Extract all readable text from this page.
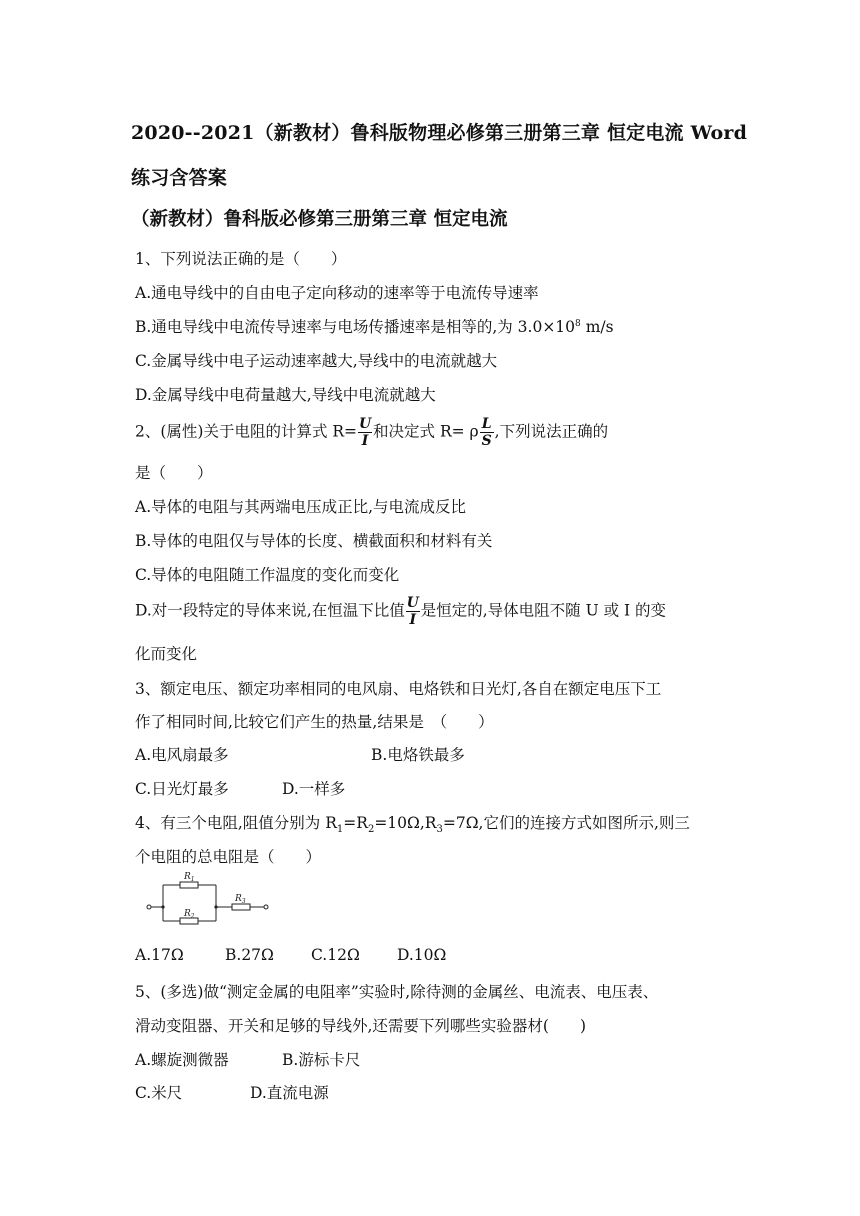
2020--2021（新教材）鲁科版物理必修第三册第三章 恒定电流 Word
练习含答案
（新教材）鲁科版必修第三册第三章 恒定电流
1、下列说法正确的是（　　）
A.通电导线中的自由电子定向移动的速率等于电流传导速率
B.通电导线中电流传导速率与电场传播速率是相等的,为 $3.0\times 10^8$ m/s
C.金属导线中电子运动速率越大,导线中的电流就越大
D.金属导线中电荷量越大,导线中电流就越大
2、(属性)关于电阻的计算式 $R= \frac{U}{I}$ 和决定式 R= ρ $\frac{L}{S}$ ,下列说法正确的
是（　　）
A.导体的电阻与其两端电压成正比,与电流成反比
B.导体的电阻仅与导体的长度、横截面积和材料有关
C.导体的电阻随工作温度的变化而变化
D.对一段特定的导体来说,在恒温下比值 $\frac{U}{I}$ 是恒定的,导体电阻不随 U 或 I 的变
化而变化
3、额定电压、额定功率相同的电风扇、电烙铁和日光灯,各自在额定电压下工
作了相同时间,比较它们产生的热量,结果是　（　　）
A.电风扇最多	B.电烙铁最多
C.日光灯最多	D.一样多
4、有三个电阻,阻值分别为 $R_1=R_2=10\Omega,R_3=7\Omega$,它们的连接方式如图所示,则三
个电阻的总电阻是（　　）
$R_1$
$R_2$
$R_3$
A.17Ω	B.27Ω C.12Ω D.10Ω
5、(多选)做“测定金属的电阻率”实验时,除待测的金属丝、电流表、电压表、
滑动变阻器、开关和足够的导线外,还需要下列哪些实验器材(　　)
A.螺旋测微器	B.游标卡尺
C.米尺	D.直流电源
